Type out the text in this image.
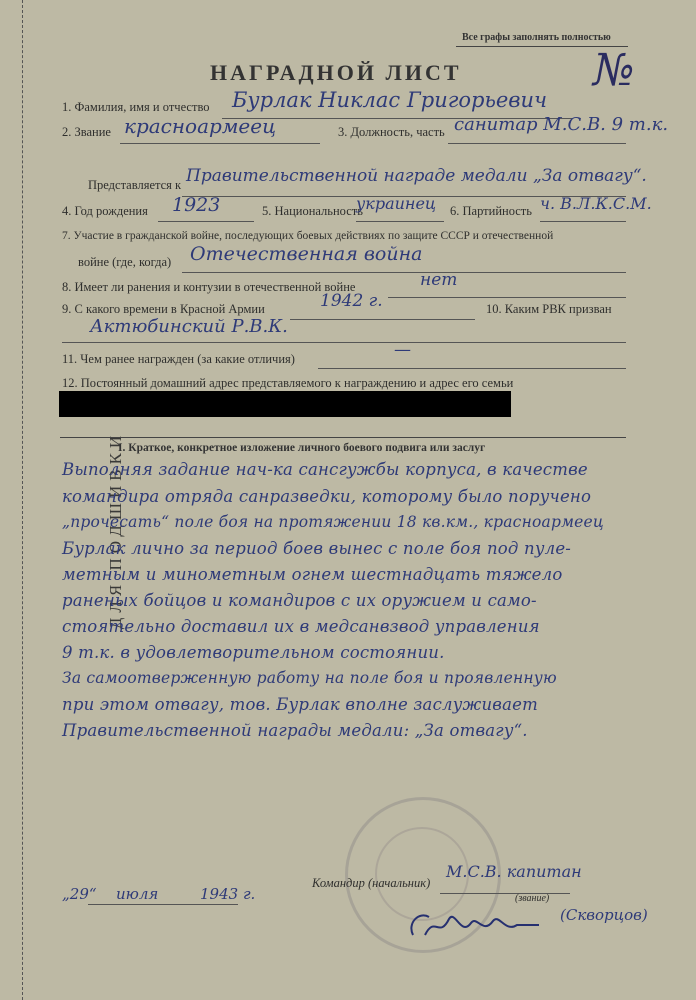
ДЛЯ ПОДШИВКИ
Все графы заполнять полностью
№
НАГРАДНОЙ ЛИСТ
1. Фамилия, имя и отчество Бурлак Никлас Григорьевич
2. Звание красноармеец	3. Должность, часть санитар М.С.В. 9 т.к.
Представляется к Правительственной награде медали „За отвагу“.
4. Год рождения 1923	5. Национальность
украинец 6. Партийность ч. В.Л.К.С.М.
7. Участие в гражданской войне, последующих боевых действиях по защите СССР и отечественной
войне (где, когда) Отечественная война
8. Имеет ли ранения и контузии в отечественной войне	нет
9. С какого времени в Красной Армии	1942 г.	10. Каким РВК призван
Актюбинский Р.В.К.
11. Чем ранее награжден (за какие отличия)	—
12. Постоянный домашний адрес представляемого к награждению и адрес его семьи
I. Краткое, конкретное изложение личного боевого подвига или заслуг
Выполняя задание нач-ка сансгужбы корпуса, в качестве
командира отряда санразведки, которому было поручено
„прочесать“ поле боя на протяжении 18 кв.км., красноармеец
Бурлак лично за период боев вынес с поле боя под пуле-
метным и минометным огнем шестнадцать тяжело
раненых бойцов и командиров с их оружием и само-
стоятельно доставил их в медсанвзвод управления
9 т.к. в удовлетворительном состоянии.
За самоотверженную работу на поле боя и проявленную
при этом отвагу, тов. Бурлак вполне заслуживает
Правительственной награды медали: „За отвагу“.
„29“ июля	1943 г.
Командир (начальник)
М.С.В. капитан
(звание)
(Скворцов)
